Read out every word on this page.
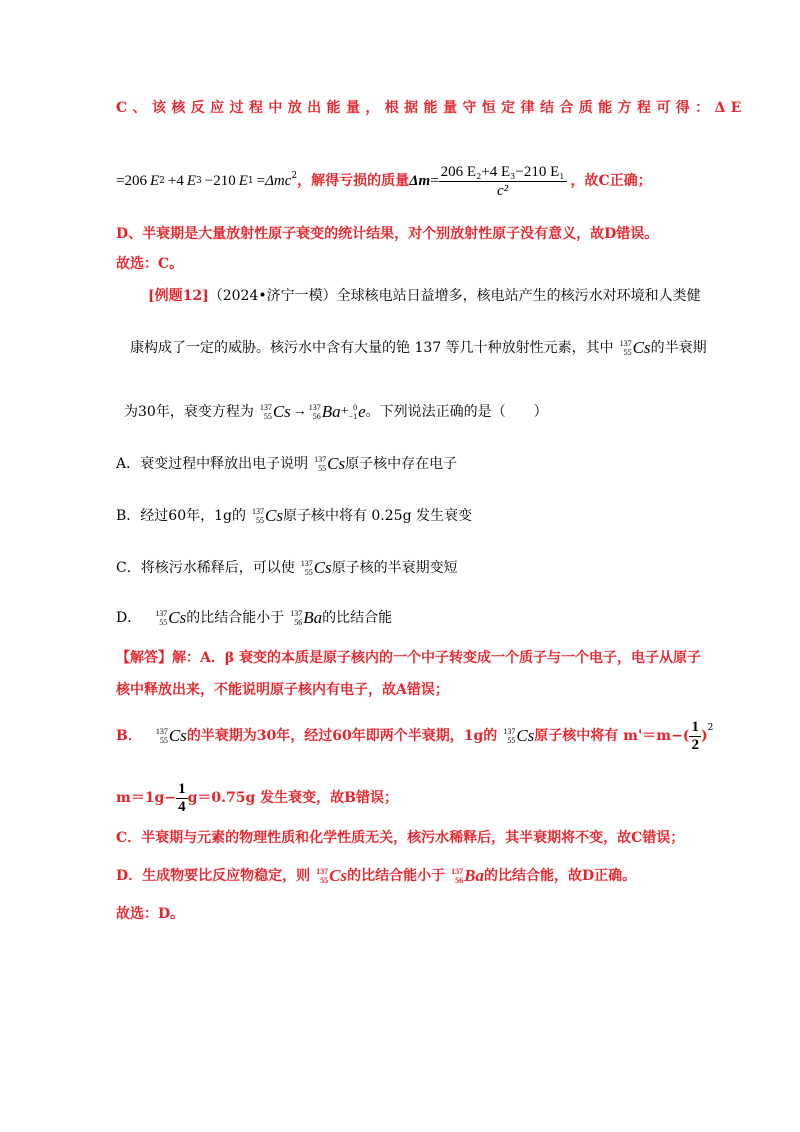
C、该核反应过程中放出能量，根据能量守恒定律结合质能方程可得：ΔE
=206 E 2 +4 E 3 −210 E 1 = Δmc$^2$ ，解得亏损的质量 $\Delta m = \frac{\text{206 E₂+4 E₃−210 E₁}}{\text{c²}}$ ，故C正确；
D、半衰期是大量放射性原子衰变的统计结果，对个别放射性原子没有意义，故D错误。
故选：C。
[例题12]（2024•济宁一模）全球核电站日益增多，核电站产生的核污水对环境和人类健
康构成了一定的威胁。核污水中含有大量的铯 137 等几十种放射性元素，其中 137
55 Cs 的半衰期
为30年，衰变方程为 137
55 Cs → 137
56 Ba + 0
−1 e 。下列说法正确的是（　　）
A．衰变过程中释放出电子说明 137
55 Cs 原子核中存在电子
B．经过60年，1g的 137
55 Cs 原子核中将有 0.25g 发生衰变
C．将核污水稀释后，可以使 137
55 Cs 原子核的半衰期变短
D． 137
55 Cs 的比结合能小于 137
56 Ba 的比结合能
【解答】解：A．β 衰变的本质是原子核内的一个中子转变成一个质子与一个电子，电子从原子
核中释放出来，不能说明原子核内有电子，故A错误；
B． 137
55 Cs 的半衰期为30年，经过60年即两个半衰期，1g的 137
55 Cs 原子核中将有 $m'=m-( \frac{1}{2} )^2$
$m=1g- \frac{1}{4} g=0.75g$ 发生衰变，故B错误；
C．半衰期与元素的物理性质和化学性质无关，核污水稀释后，其半衰期将不变，故C错误；
D．生成物要比反应物稳定，则 137
55 Cs 的比结合能小于 137
56 Ba 的比结合能，故D正确。
故选：D。
